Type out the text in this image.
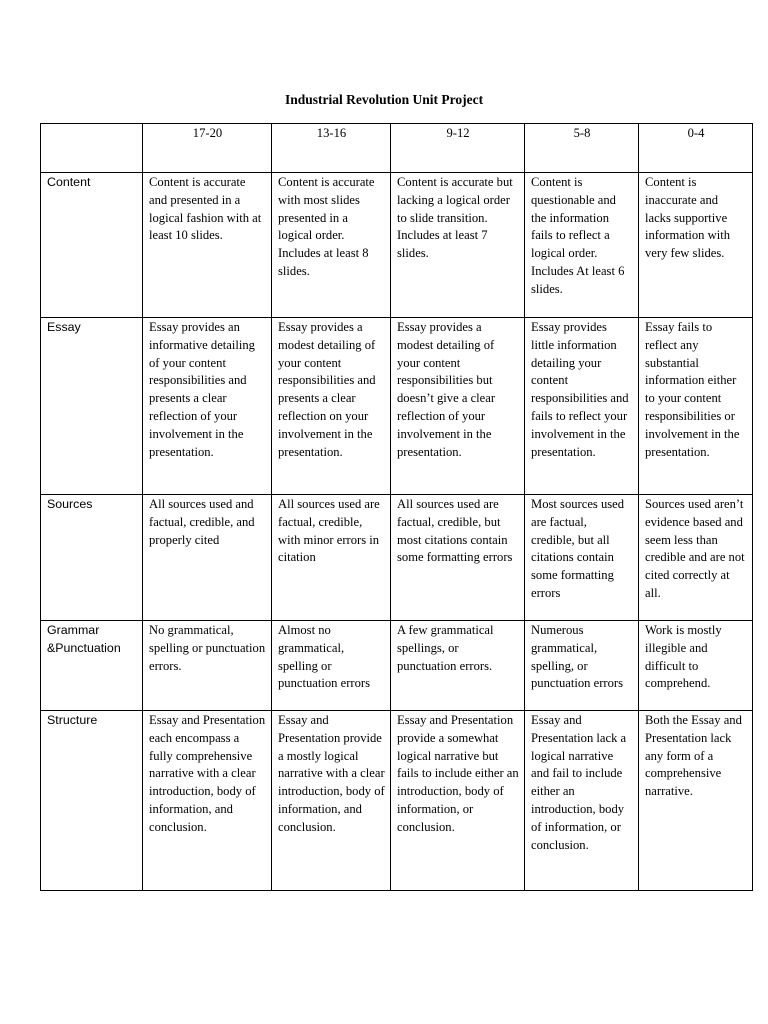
Industrial Revolution Unit Project
	17-20	13-16	9-12	5-8	0-4
Content	Content is accurate and presented in a logical fashion with at least 10 slides.	Content is accurate with most slides presented in a logical order. Includes at least 8 slides.	Content is accurate but lacking a logical order to slide transition. Includes at least 7 slides.	Content is questionable and the information fails to reflect a logical order. Includes At least 6 slides.	Content is inaccurate and lacks supportive information with very few slides.
Essay	Essay provides an informative detailing of your content responsibilities and presents a clear reflection of your involvement in the presentation.	Essay provides a modest detailing of your content responsibilities and presents a clear reflection on your involvement in the presentation.	Essay provides a modest detailing of your content responsibilities but doesn’t give a clear reflection of your involvement in the presentation.	Essay provides little information detailing your content responsibilities and fails to reflect your involvement in the presentation.	Essay fails to reflect any substantial information either to your content responsibilities or involvement in the presentation.
Sources	All sources used and factual, credible, and properly cited	All sources used are factual, credible, with minor errors in citation	All sources used are factual, credible, but most citations contain some formatting errors	Most sources used are factual, credible, but all citations contain some formatting errors	Sources used aren’t evidence based and seem less than credible and are not cited correctly at all.
Grammar &Punctuation	No grammatical, spelling or punctuation errors.	Almost no grammatical, spelling or punctuation errors	A few grammatical spellings, or punctuation errors.	Numerous grammatical, spelling, or punctuation errors	Work is mostly illegible and difficult to comprehend.
Structure	Essay and Presentation each encompass a fully comprehensive narrative with a clear introduction, body of information, and conclusion.	Essay and Presentation provide a mostly logical narrative with a clear introduction, body of information, and conclusion.	Essay and Presentation provide a somewhat logical narrative but fails to include either an introduction, body of information, or conclusion.	Essay and Presentation lack a logical narrative and fail to include either an introduction, body of information, or conclusion.	Both the Essay and Presentation lack any form of a comprehensive narrative.
